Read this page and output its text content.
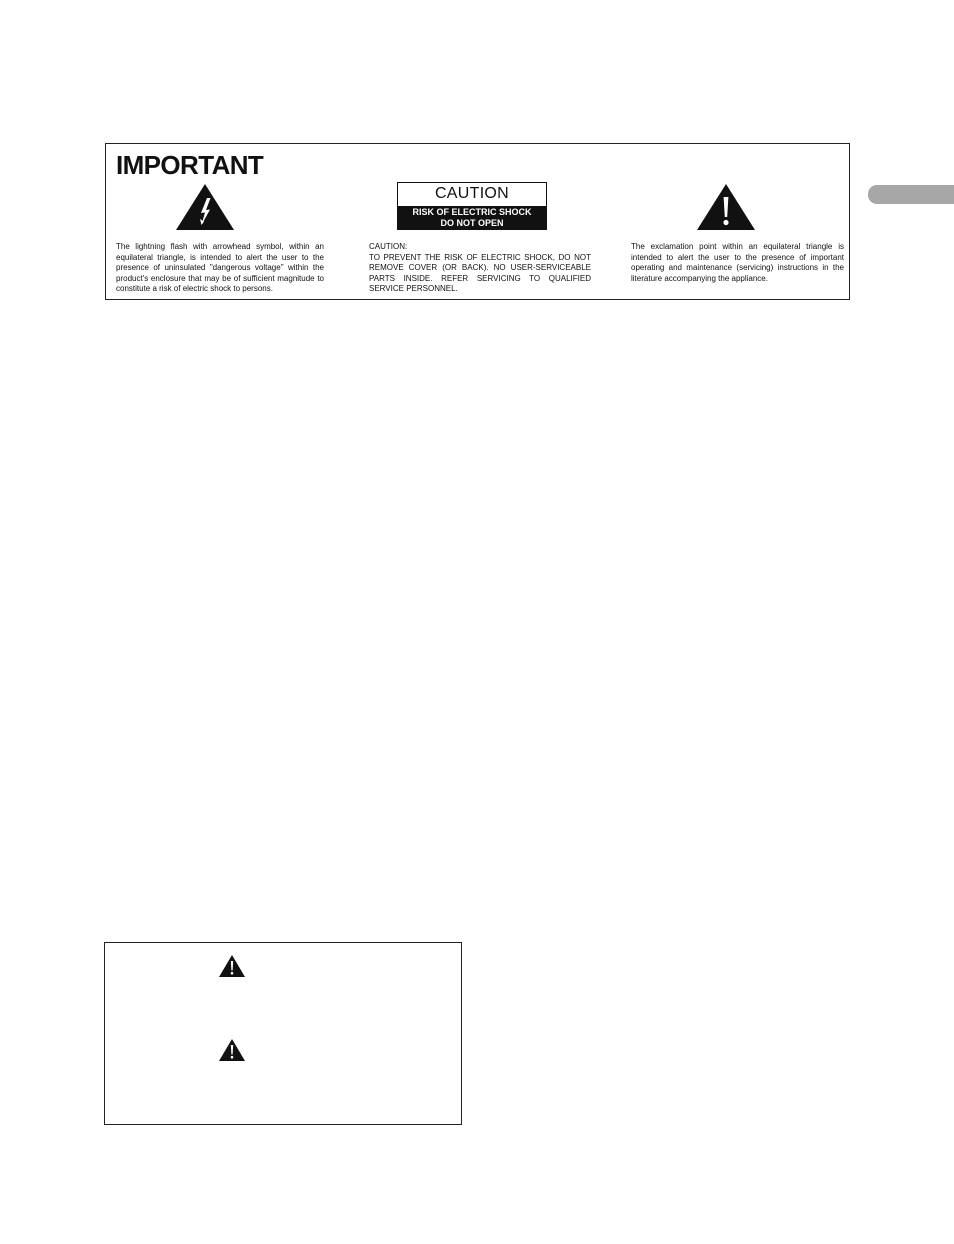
IMPORTANT

The lightning flash with arrowhead symbol, within an equilateral triangle, is intended to alert the user to the presence of uninsulated "dangerous voltage" within the product's enclosure that may be of sufficient magnitude to constitute a risk of electric shock to persons.

CAUTION
RISK OF ELECTRIC SHOCK
DO NOT OPEN

CAUTION:

TO PREVENT THE RISK OF ELECTRIC SHOCK, DO NOT REMOVE COVER (OR BACK). NO USER-SERVICEABLE PARTS INSIDE. REFER SERVICING TO QUALIFIED SERVICE PERSONNEL.

The exclamation point within an equilateral triangle is intended to alert the user to the presence of important operating and maintenance (servicing) instructions in the literature accompanying the appliance.
